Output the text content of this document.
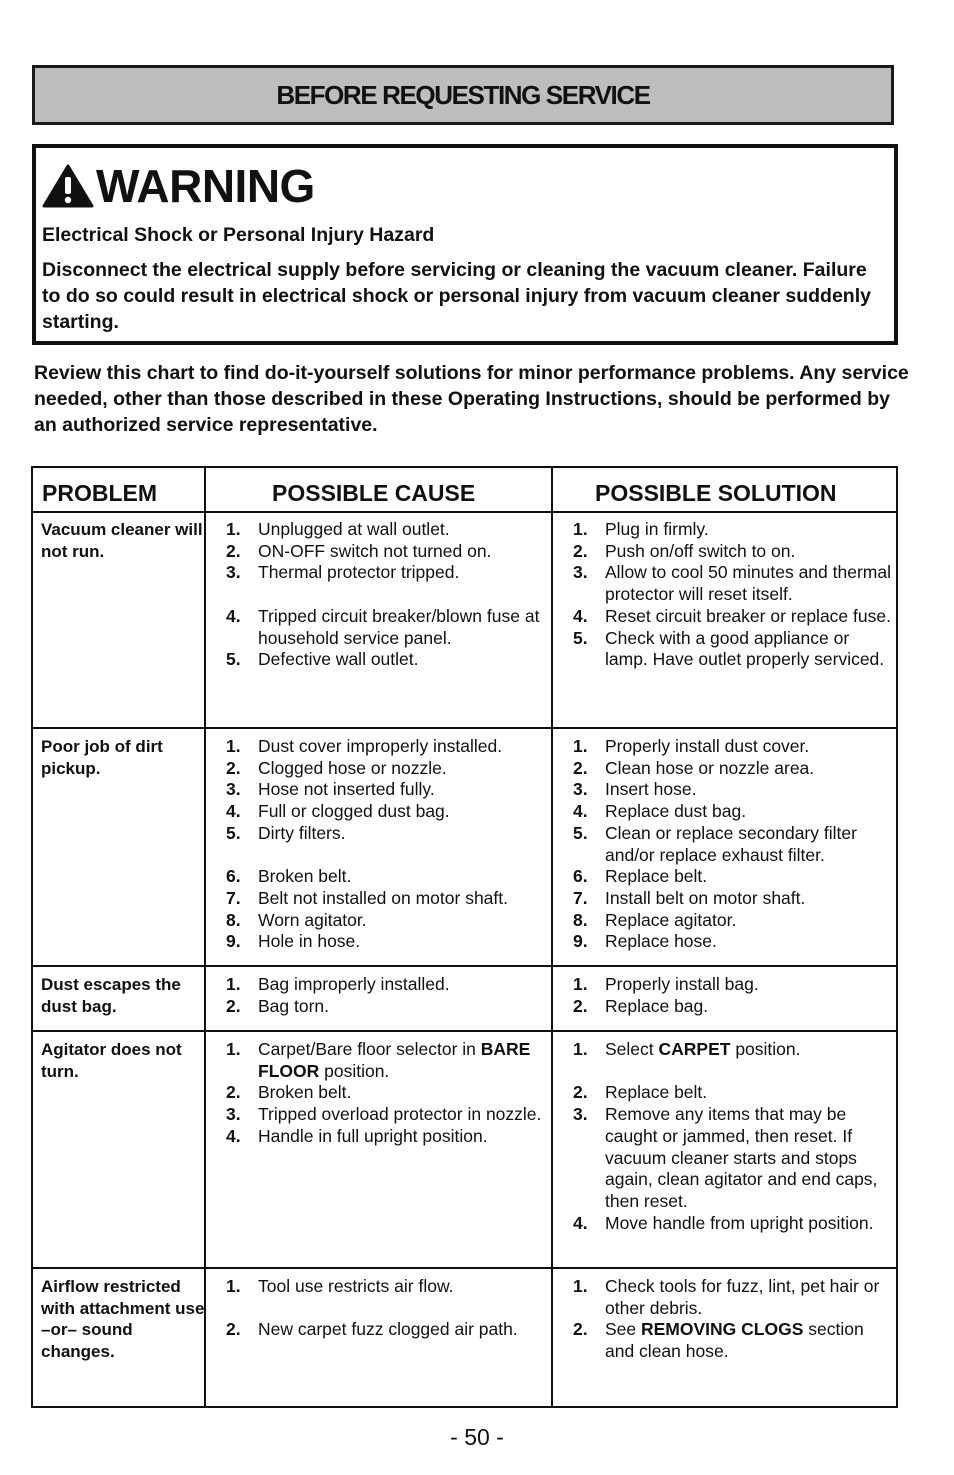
BEFORE REQUESTING SERVICE
WARNING
Electrical Shock or Personal Injury Hazard
Disconnect the electrical supply before servicing or cleaning the vacuum cleaner. Failure to do so could result in electrical shock or personal injury from vacuum cleaner suddenly starting.
Review this chart to find do-it-yourself solutions for minor performance problems. Any service needed, other than those described in these Operating Instructions, should be performed by an authorized service representative.
PROBLEM	POSSIBLE CAUSE	POSSIBLE SOLUTION
Vacuum cleaner will not run.
1. Unplugged at wall outlet.
2. ON-OFF switch not turned on.
3. Thermal protector tripped.
4. Tripped circuit breaker/blown fuse at household service panel.
5. Defective wall outlet.
1. Plug in firmly.
2. Push on/off switch to on.
3. Allow to cool 50 minutes and thermal protector will reset itself.
4. Reset circuit breaker or replace fuse.
5. Check with a good appliance or lamp. Have outlet properly serviced.
Poor job of dirt pickup.
1. Dust cover improperly installed.
2. Clogged hose or nozzle.
3. Hose not inserted fully.
4. Full or clogged dust bag.
5. Dirty filters.
6. Broken belt.
7. Belt not installed on motor shaft.
8. Worn agitator.
9. Hole in hose.
1. Properly install dust cover.
2. Clean hose or nozzle area.
3. Insert hose.
4. Replace dust bag.
5. Clean or replace secondary filter and/or replace exhaust filter.
6. Replace belt.
7. Install belt on motor shaft.
8. Replace agitator.
9. Replace hose.
Dust escapes the dust bag.
1. Bag improperly installed.
2. Bag torn.
1. Properly install bag.
2. Replace bag.
Agitator does not turn.
1. Carpet/Bare floor selector in BARE FLOOR position.
2. Broken belt.
3. Tripped overload protector in nozzle.
4. Handle in full upright position.
1. Select CARPET position.
2. Replace belt.
3. Remove any items that may be caught or jammed, then reset. If vacuum cleaner starts and stops again, clean agitator and end caps, then reset.
4. Move handle from upright position.
Airflow restricted with attachment use –or– sound changes.
1. Tool use restricts air flow.
2. New carpet fuzz clogged air path.
1. Check tools for fuzz, lint, pet hair or other debris.
2. See REMOVING CLOGS section and clean hose.
- 50 -
